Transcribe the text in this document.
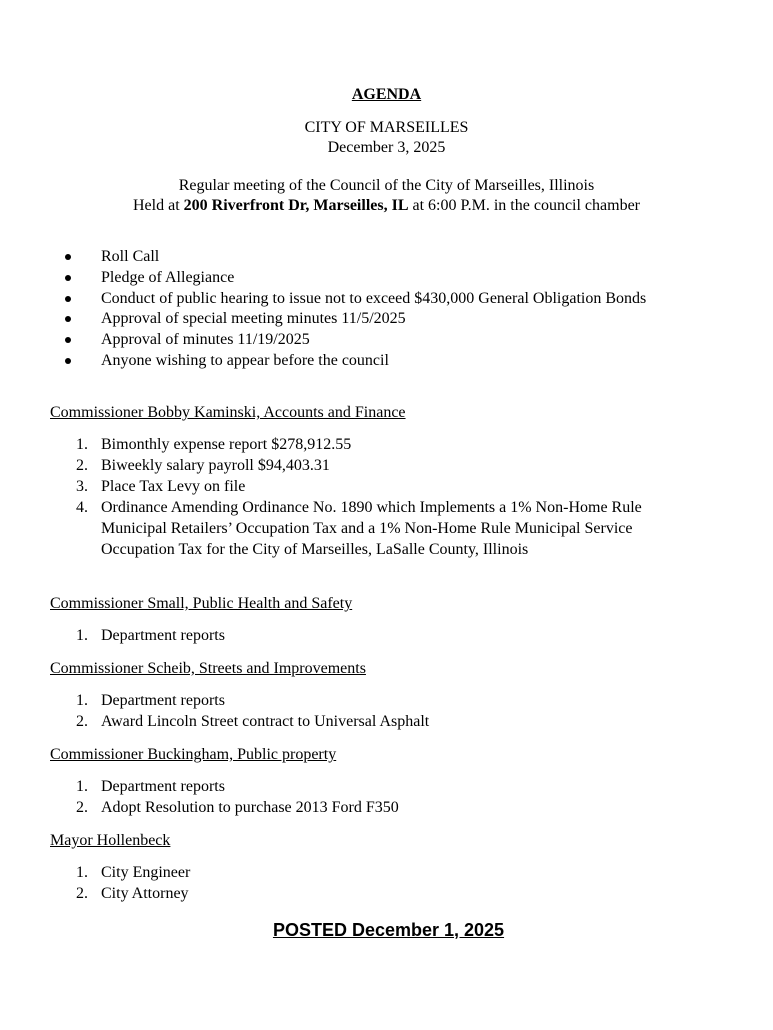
AGENDA
CITY OF MARSEILLES
December 3, 2025
Regular meeting of the Council of the City of Marseilles, Illinois
Held at 200 Riverfront Dr, Marseilles, IL at 6:00 P.M. in the council chamber
Roll Call
Pledge of Allegiance
Conduct of public hearing to issue not to exceed $430,000 General Obligation Bonds
Approval of special meeting minutes 11/5/2025
Approval of minutes 11/19/2025
Anyone wishing to appear before the council
Commissioner Bobby Kaminski, Accounts and Finance
1. Bimonthly expense report $278,912.55
2. Biweekly salary payroll $94,403.31
3. Place Tax Levy on file
4. Ordinance Amending Ordinance No. 1890 which Implements a 1% Non-Home Rule Municipal Retailers’ Occupation Tax and a 1% Non-Home Rule Municipal Service Occupation Tax for the City of Marseilles, LaSalle County, Illinois
Commissioner Small, Public Health and Safety
1. Department reports
Commissioner Scheib, Streets and Improvements
1. Department reports
2. Award Lincoln Street contract to Universal Asphalt
Commissioner Buckingham, Public property
1. Department reports
2. Adopt Resolution to purchase 2013 Ford F350
Mayor Hollenbeck
1. City Engineer
2. City Attorney
POSTED December 1, 2025
